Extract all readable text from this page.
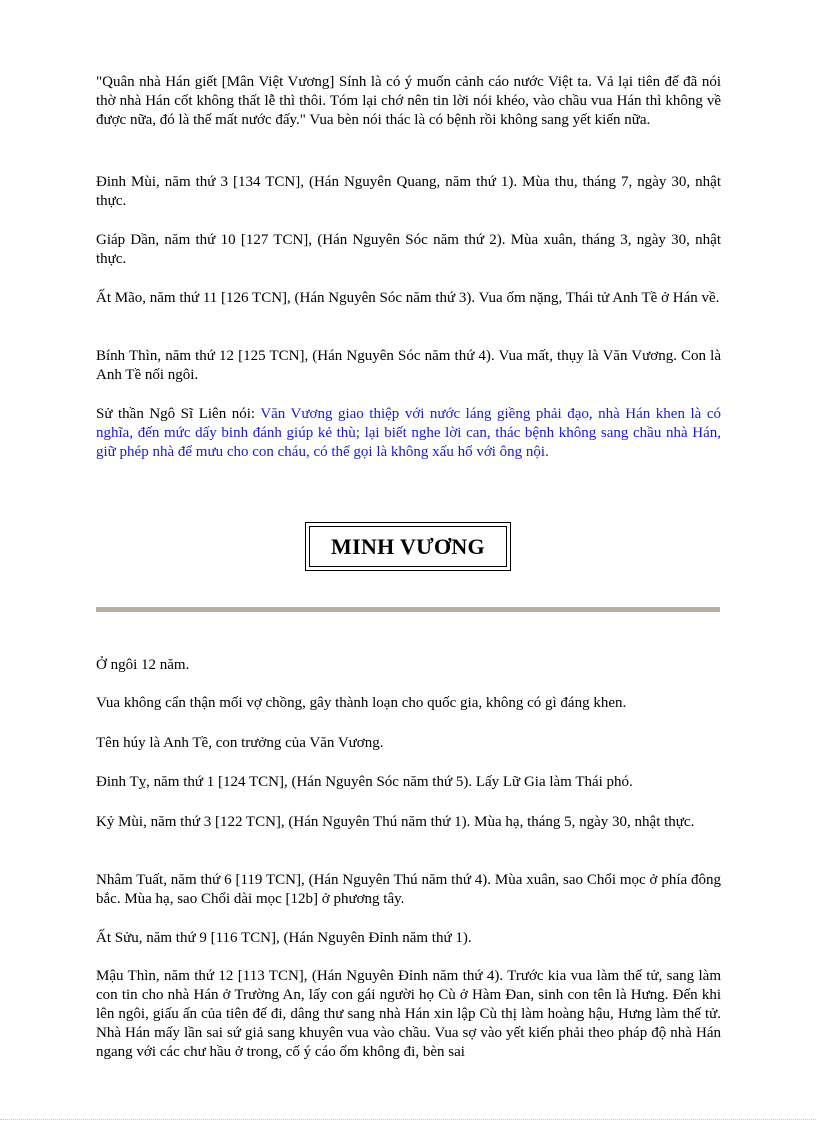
"Quân nhà Hán giết [Mân Việt Vương] Sính là có ý muốn cảnh cáo nước Việt ta. Vả lại tiên đế đã nói thờ nhà Hán cốt không thất lễ thì thôi. Tóm lại chớ nên tin lời nói khéo, vào chầu vua Hán thì không về được nữa, đó là thế mất nước đấy." Vua bèn nói thác là có bệnh rồi không sang yết kiến nữa.

Đinh Mùi, năm thứ 3 [134 TCN], (Hán Nguyên Quang, năm thứ 1). Mùa thu, tháng 7, ngày 30, nhật thực.

Giáp Dần, năm thứ 10 [127 TCN], (Hán Nguyên Sóc năm thứ 2). Mùa xuân, tháng 3, ngày 30, nhật thực.

Ất Mão, năm thứ 11 [126 TCN], (Hán Nguyên Sóc năm thứ 3). Vua ốm nặng, Thái tử Anh Tề ở Hán về.

Bính Thìn, năm thứ 12 [125 TCN], (Hán Nguyên Sóc năm thứ 4). Vua mất, thụy là Văn Vương. Con là Anh Tề nối ngôi.

Sử thần Ngô Sĩ Liên nói: Văn Vương giao thiệp với nước láng giềng phải đạo, nhà Hán khen là có nghĩa, đến mức dấy binh đánh giúp kẻ thù; lại biết nghe lời can, thác bệnh không sang chầu nhà Hán, giữ phép nhà để mưu cho con cháu, có thể gọi là không xấu hổ với ông nội.

MINH VƯƠNG

Ở ngôi 12 năm.

Vua không cẩn thận mối vợ chồng, gây thành loạn cho quốc gia, không có gì đáng khen.

Tên húy là Anh Tề, con trưởng của Văn Vương.

Đinh Tỵ, năm thứ 1 [124 TCN], (Hán Nguyên Sóc năm thứ 5). Lấy Lữ Gia làm Thái phó.

Kỷ Mùi, năm thứ 3 [122 TCN], (Hán Nguyên Thú năm thứ 1). Mùa hạ, tháng 5, ngày 30, nhật thực.

Nhâm Tuất, năm thứ 6 [119 TCN], (Hán Nguyên Thú năm thứ 4). Mùa xuân, sao Chổi mọc ở phía đông bắc. Mùa hạ, sao Chổi dài mọc [12b] ở phương tây.

Ất Sửu, năm thứ 9 [116 TCN], (Hán Nguyên Đỉnh năm thứ 1).

Mậu Thìn, năm thứ 12 [113 TCN], (Hán Nguyên Đỉnh năm thứ 4). Trước kia vua làm thế tử, sang làm con tin cho nhà Hán ở Trường An, lấy con gái người họ Cù ở Hàm Đan, sinh con tên là Hưng. Đến khi lên ngôi, giấu ấn của tiên đế đi, dâng thư sang nhà Hán xin lập Cù thị làm hoàng hậu, Hưng làm thế tử. Nhà Hán mấy lần sai sứ giả sang khuyên vua vào chầu. Vua sợ vào yết kiến phải theo pháp độ nhà Hán ngang với các chư hầu ở trong, cố ý cáo ốm không đi, bèn sai
